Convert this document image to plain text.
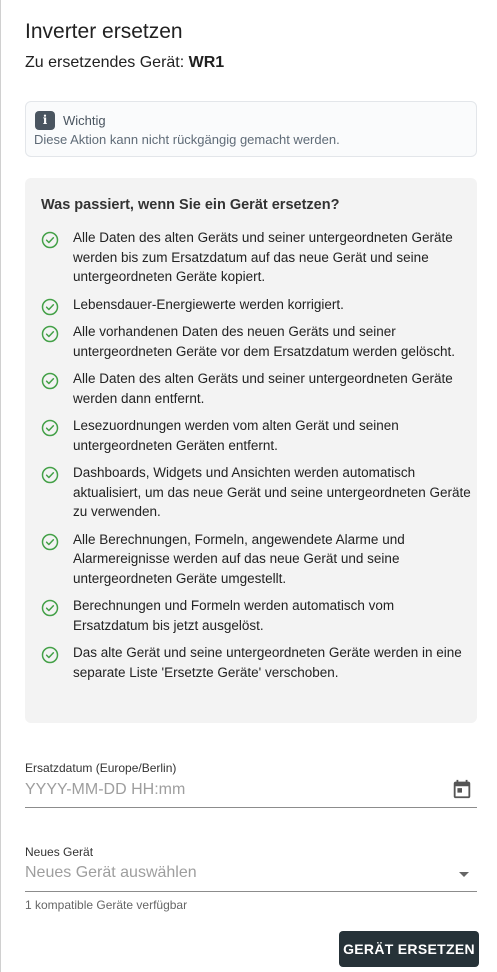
Inverter ersetzen
Zu ersetzendes Gerät: WR1
i	Wichtig
Diese Aktion kann nicht rückgängig gemacht werden.
Was passiert, wenn Sie ein Gerät ersetzen?
Alle Daten des alten Geräts und seiner untergeordneten Geräte werden bis zum Ersatzdatum auf das neue Gerät und seine untergeordneten Geräte kopiert.
Lebensdauer-Energiewerte werden korrigiert.
Alle vorhandenen Daten des neuen Geräts und seiner untergeordneten Geräte vor dem Ersatzdatum werden gelöscht.
Alle Daten des alten Geräts und seiner untergeordneten Geräte werden dann entfernt.
Lesezuordnungen werden vom alten Gerät und seinen untergeordneten Geräten entfernt.
Dashboards, Widgets und Ansichten werden automatisch aktualisiert, um das neue Gerät und seine untergeordneten Geräte zu verwenden.
Alle Berechnungen, Formeln, angewendete Alarme und Alarmereignisse werden auf das neue Gerät und seine untergeordneten Geräte umgestellt.
Berechnungen und Formeln werden automatisch vom Ersatzdatum bis jetzt ausgelöst.
Das alte Gerät und seine untergeordneten Geräte werden in eine separate Liste 'Ersetzte Geräte' verschoben.
Ersatzdatum (Europe/Berlin)
YYYY-MM-DD HH:mm
Neues Gerät
Neues Gerät auswählen
1 kompatible Geräte verfügbar
GERÄT ERSETZEN
